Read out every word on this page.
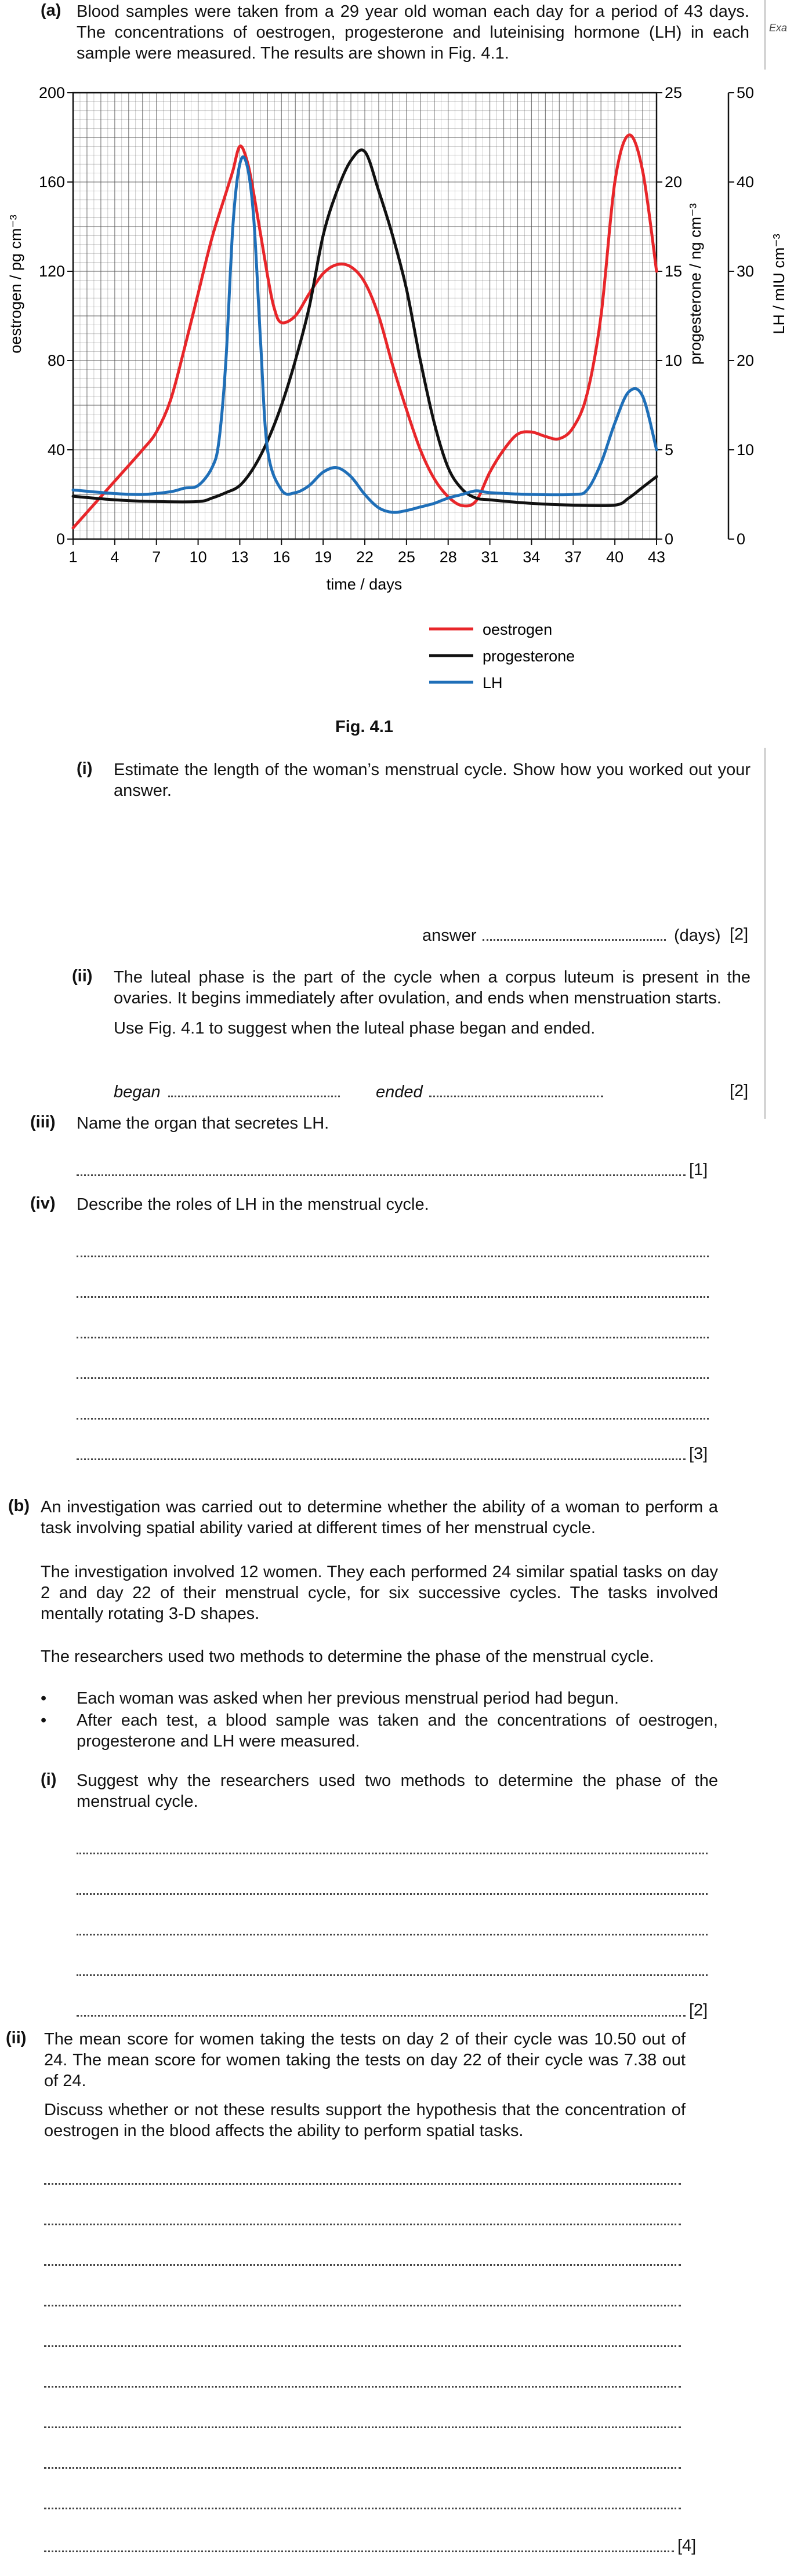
(a) Blood samples were taken from a 29 year old woman each day for a period of 43 days. The concentrations of oestrogen, progesterone and luteinising hormone (LH) in each sample were measured. The results are shown in Fig. 4.1.
Exa
1 4 7 10 13 16 19 22 25 28 31 34 37 40 43
0
40
80
120
160
200
0
5
10
15
20
25
0
10
20
30
40
50
oestrogen / pg cm⁻³	progesterone / ng cm⁻³	LH / mIU cm⁻³
time / days
oestrogen
progesterone
LH
Fig. 4.1
(i) Estimate the length of the woman’s menstrual cycle. Show how you worked out your answer.
answer	(days) [2]
(ii) The luteal phase is the part of the cycle when a corpus luteum is present in the ovaries. It begins immediately after ovulation, and ends when menstruation starts.
Use Fig. 4.1 to suggest when the luteal phase began and ended.
began	ended	[2]
(iii) Name the organ that secretes LH.
[1]
(iv) Describe the roles of LH in the menstrual cycle.
[3]
(b) An investigation was carried out to determine whether the ability of a woman to perform a task involving spatial ability varied at different times of her menstrual cycle.
The investigation involved 12 women. They each performed 24 similar spatial tasks on day 2 and day 22 of their menstrual cycle, for six successive cycles. The tasks involved mentally rotating 3-D shapes.
The researchers used two methods to determine the phase of the menstrual cycle.
• Each woman was asked when her previous menstrual period had begun.
• After each test, a blood sample was taken and the concentrations of oestrogen, progesterone and LH were measured.
(i) Suggest why the researchers used two methods to determine the phase of the menstrual cycle.
[2]
(ii) The mean score for women taking the tests on day 2 of their cycle was 10.50 out of 24. The mean score for women taking the tests on day 22 of their cycle was 7.38 out of 24.
Discuss whether or not these results support the hypothesis that the concentration of oestrogen in the blood affects the ability to perform spatial tasks.
[4]
